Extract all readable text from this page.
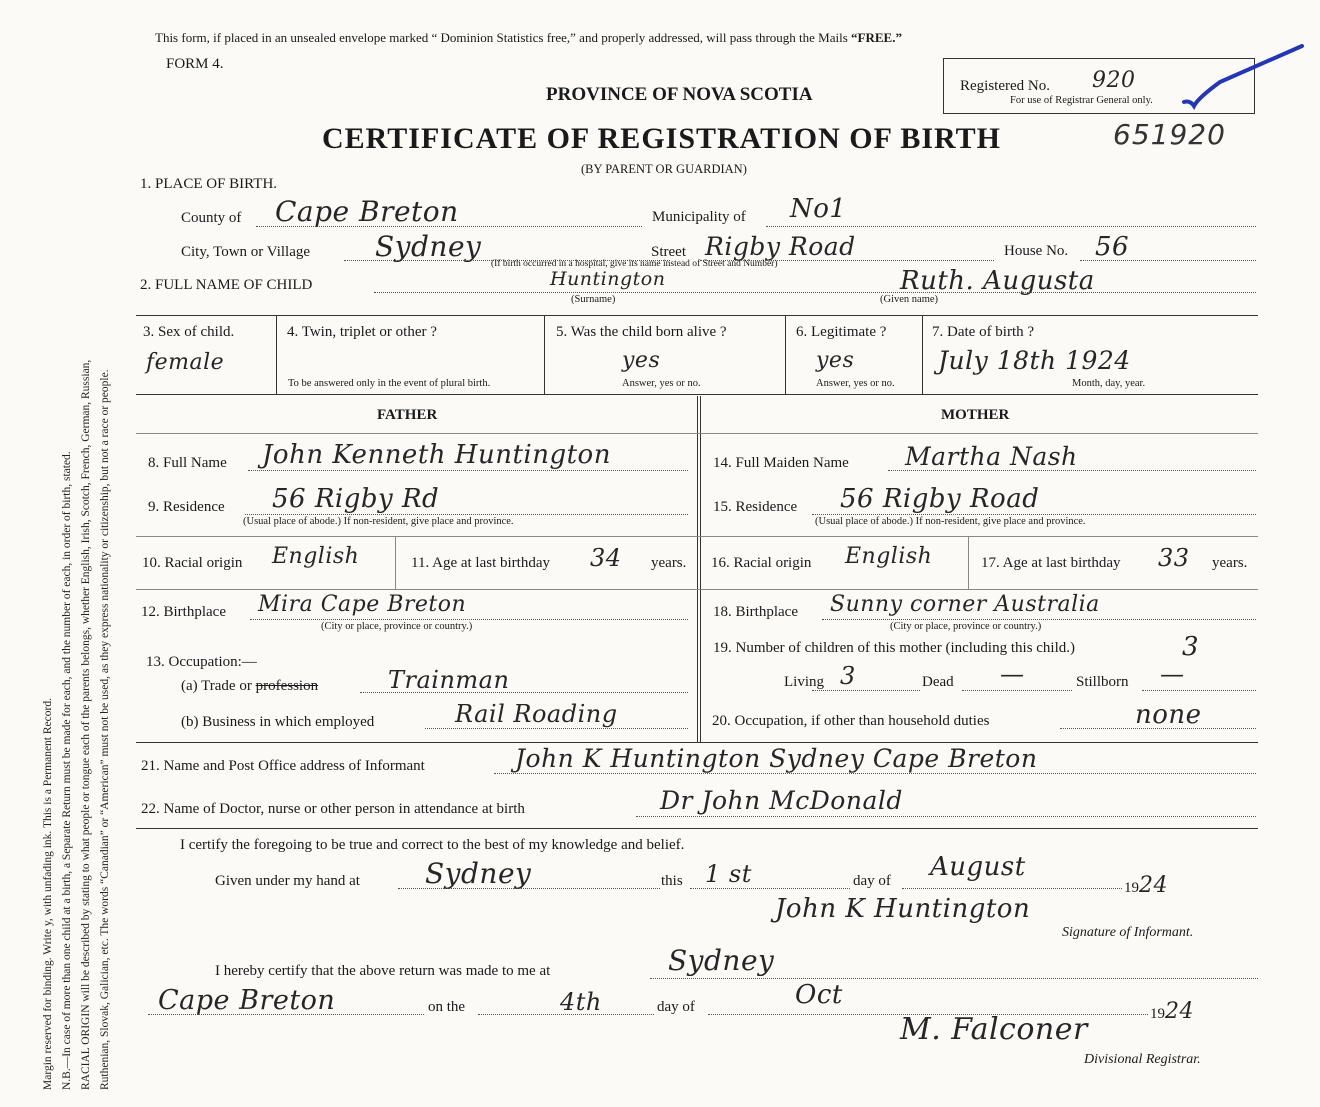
Margin reserved for binding. Write y, with unfading ink. This is a Permanent Record. N.B.—In case of more than one child at a birth, a Separate Return must be made for each, and the number of each, in order of birth, stated. RACIAL ORIGIN will be described by stating to what people or tongue each of the parents belongs, whether English, Irish, Scotch, French, German, Russian, Ruthenian, Slovak, Galician, etc. The words “Canadian” or “American” must not be used, as they express nationality or citizenship, but not a race or people.
This form, if placed in an unsealed envelope marked “ Dominion Statistics free,” and properly addressed, will pass through the Mails “FREE.”
FORM 4.
PROVINCE OF NOVA SCOTIA
CERTIFICATE OF REGISTRATION OF BIRTH
(BY PARENT OR GUARDIAN)
651920
Registered No. 920
For use of Registrar General only.
1. PLACE OF BIRTH.
County of Cape Breton	Municipality of No1
City, Town or Village Sydney	Street Rigby Road
(If birth occurred in a hospital, give its name instead of Street and Number)
House No. 56
2. FULL NAME OF CHILD	Huntington	Ruth. Augusta
(Surname)	(Given name)
3. Sex of child.
female
4. Twin, triplet or other ?
To be answered only in the event of plural birth.
5. Was the child born alive ?
yes
Answer, yes or no.
6. Legitimate ?
yes
Answer, yes or no.
7. Date of birth ?
July 18th 1924
Month, day, year.
FATHER	MOTHER
8. Full Name John Kenneth Huntington
9. Residence 56 Rigby Rd
(Usual place of abode.) If non-resident, give place and province.
10. Racial origin English	11. Age at last birthday 34 years.
12. Birthplace Mira Cape Breton
(City or place, province or country.)
13. Occupation:—
(a) Trade or profession	Trainman
(b) Business in which employed	Rail Roading
14. Full Maiden Name Martha Nash
15. Residence 56 Rigby Road
(Usual place of abode.) If non-resident, give place and province.
16. Racial origin English	17. Age at last birthday 33 years.
18. Birthplace Sunny corner Australia
(City or place, province or country.)
19. Number of children of this mother (including this child.)	3
Living 3	Dead —	Stillborn —
20. Occupation, if other than household duties	none
21. Name and Post Office address of Informant	John K Huntington Sydney Cape Breton
22. Name of Doctor, nurse or other person in attendance at birth	Dr John McDonald
I certify the foregoing to be true and correct to the best of my knowledge and belief.
Given under my hand at Sydney	this 1 st	day of August
1924
John K Huntington
Signature of Informant.
I hereby certify that the above return was made to me at	Sydney
Cape Breton	on the	4th	day of	Oct
1924
M. Falconer
Divisional Registrar.
